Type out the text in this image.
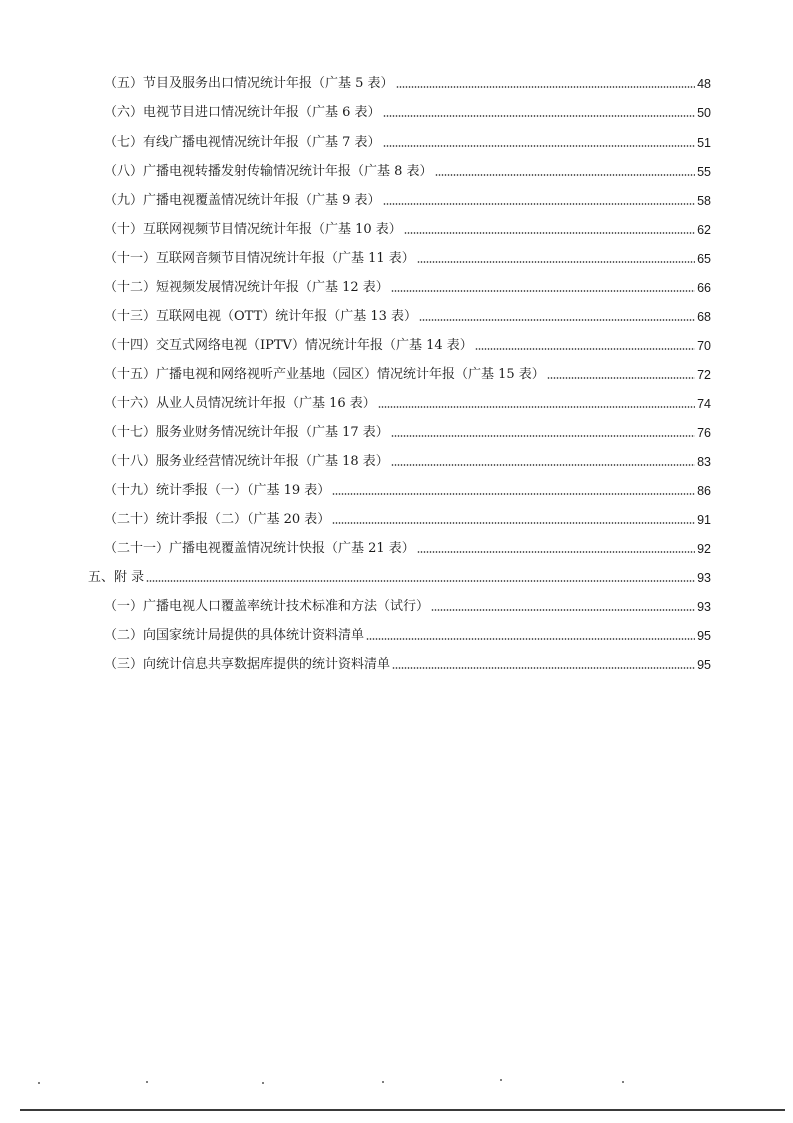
（五）节目及服务出口情况统计年报（广基 5 表）	48
（六）电视节目进口情况统计年报（广基 6 表）	50
（七）有线广播电视情况统计年报（广基 7 表）	51
（八）广播电视转播发射传输情况统计年报（广基 8 表）	55
（九）广播电视覆盖情况统计年报（广基 9 表）	58
（十）互联网视频节目情况统计年报（广基 10 表）	62
（十一）互联网音频节目情况统计年报（广基 11 表）	65
（十二）短视频发展情况统计年报（广基 12 表）	66
（十三）互联网电视（OTT）统计年报（广基 13 表）	68
（十四）交互式网络电视（IPTV）情况统计年报（广基 14 表）	70
（十五）广播电视和网络视听产业基地（园区）情况统计年报（广基 15 表）	72
（十六）从业人员情况统计年报（广基 16 表）	74
（十七）服务业财务情况统计年报（广基 17 表）	76
（十八）服务业经营情况统计年报（广基 18 表）	83
（十九）统计季报（一）（广基 19 表）	86
（二十）统计季报（二）（广基 20 表）	91
（二十一）广播电视覆盖情况统计快报（广基 21 表）	92
五、附 录	93
（一）广播电视人口覆盖率统计技术标准和方法（试行）	93
（二）向国家统计局提供的具体统计资料清单	95
（三）向统计信息共享数据库提供的统计资料清单	95
